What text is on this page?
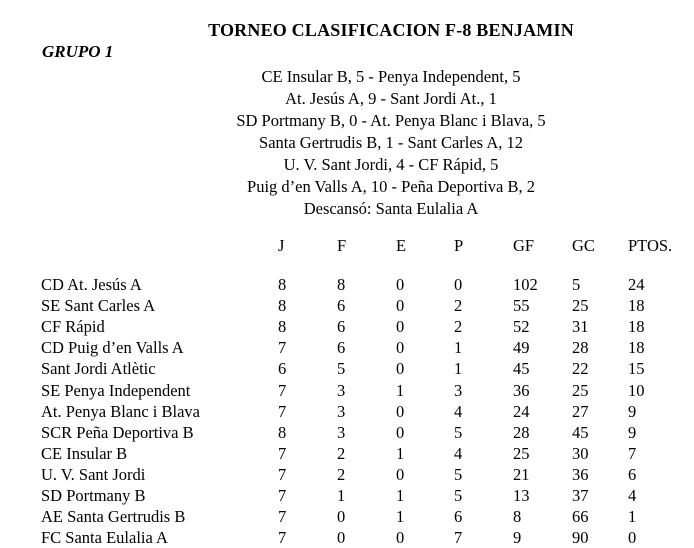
TORNEO CLASIFICACION F-8 BENJAMIN
GRUPO 1
CE Insular B, 5 - Penya Independent, 5
At. Jesús A, 9 - Sant Jordi At., 1
SD Portmany B, 0 - At. Penya Blanc i Blava, 5
Santa Gertrudis B, 1 - Sant Carles A, 12
U. V. Sant Jordi, 4 - CF Rápid, 5
Puig d’en Valls A, 10 - Peña Deportiva B, 2
Descansó: Santa Eulalia A
	J	F	E	P	GF	GC	PTOS.

CD At. Jesús A	8	8	0	0	102	5	24
SE Sant Carles A	8	6	0	2	55	25	18
CF Rápid	8	6	0	2	52	31	18
CD Puig d’en Valls A	7	6	0	1	49	28	18
Sant Jordi Atlètic	6	5	0	1	45	22	15
SE Penya Independent	7	3	1	3	36	25	10
At. Penya Blanc i Blava	7	3	0	4	24	27	9
SCR Peña Deportiva B	8	3	0	5	28	45	9
CE Insular B	7	2	1	4	25	30	7
U. V. Sant Jordi	7	2	0	5	21	36	6
SD Portmany B	7	1	1	5	13	37	4
AE Santa Gertrudis B	7	0	1	6	8	66	1
FC Santa Eulalia A	7	0	0	7	9	90	0
